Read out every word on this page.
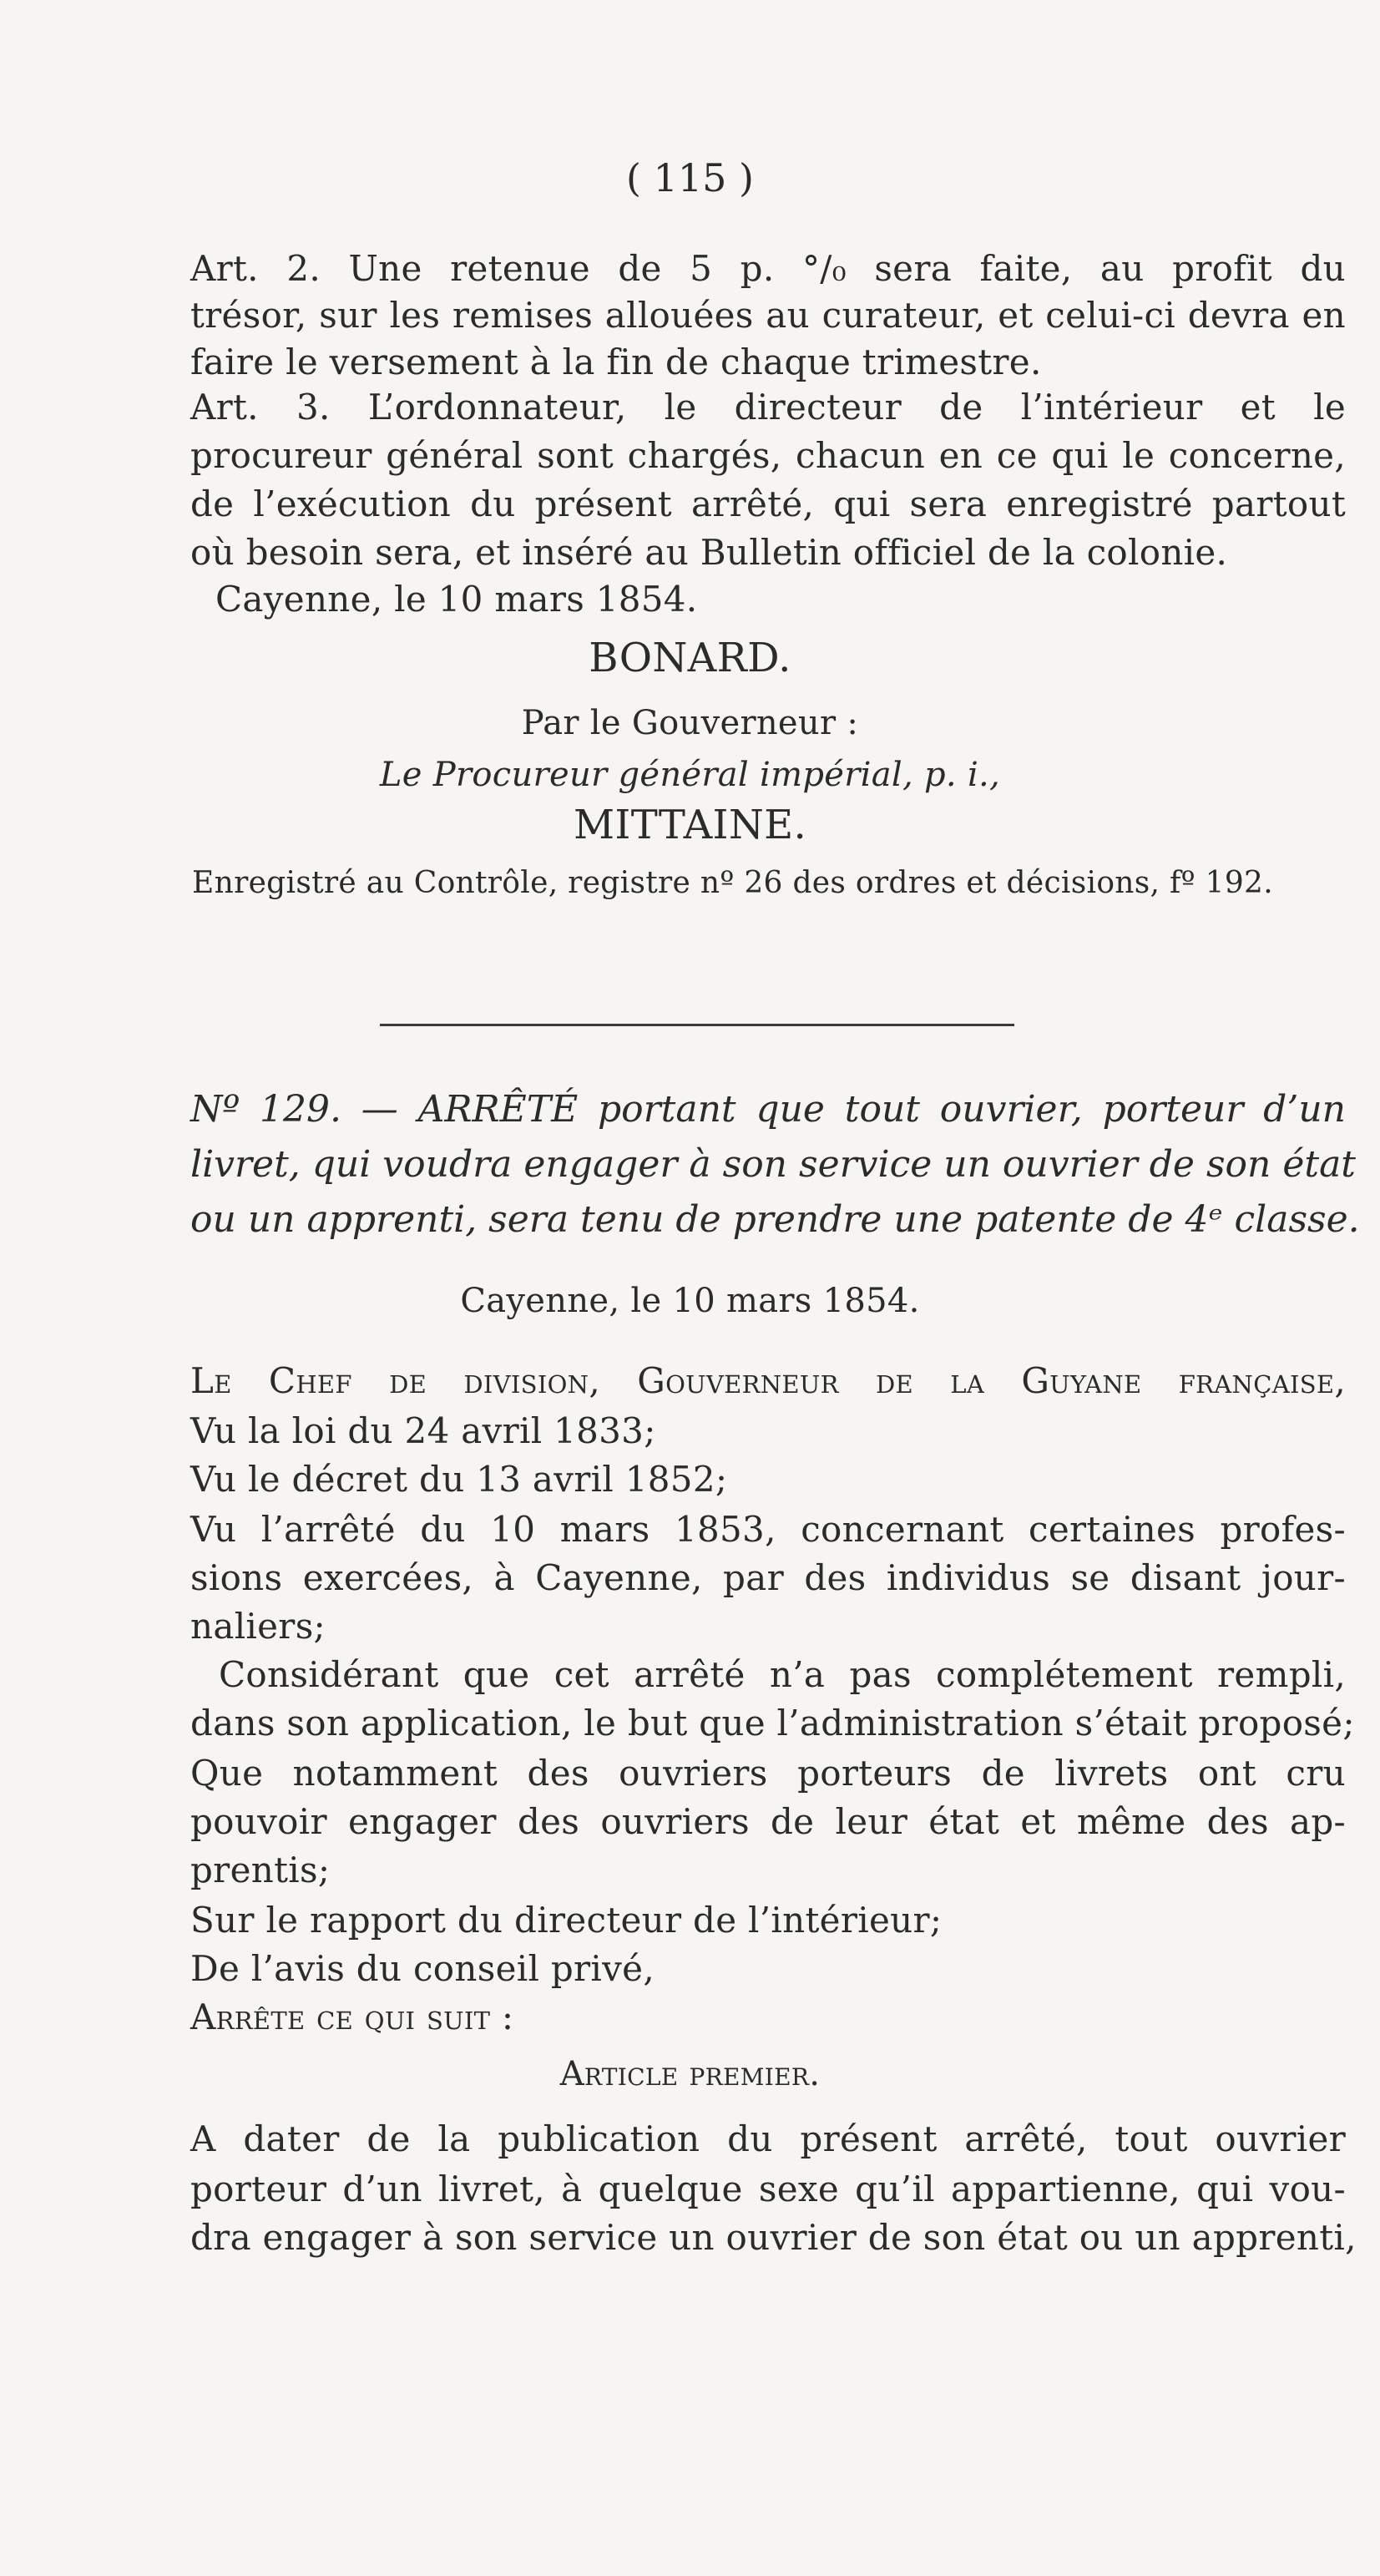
( 115 )

Art. 2. Une retenue de 5 p. °/₀ sera faite, au profit du

trésor, sur les remises allouées au curateur, et celui-ci devra en

faire le versement à la fin de chaque trimestre.

Art. 3. L’ordonnateur, le directeur de l’intérieur et le

procureur général sont chargés, chacun en ce qui le concerne,

de l’exécution du présent arrêté, qui sera enregistré partout

où besoin sera, et inséré au Bulletin officiel de la colonie.

Cayenne, le 10 mars 1854.

BONARD.

Par le Gouverneur :

Le Procureur général impérial, p. i.,

MITTAINE.

Enregistré au Contrôle, registre nº 26 des ordres et décisions, fº 192.

Nº 129. — ARRÊTÉ portant que tout ouvrier, porteur d’un

livret, qui voudra engager à son service un ouvrier de son état

ou un apprenti, sera tenu de prendre une patente de 4ᵉ classe.

Cayenne, le 10 mars 1854.

Le Chef de division, Gouverneur de la Guyane française,

Vu la loi du 24 avril 1833;

Vu le décret du 13 avril 1852;

Vu l’arrêté du 10 mars 1853, concernant certaines profes-

sions exercées, à Cayenne, par des individus se disant jour-

naliers;

Considérant que cet arrêté n’a pas complétement rempli,

dans son application, le but que l’administration s’était proposé;

Que notamment des ouvriers porteurs de livrets ont cru

pouvoir engager des ouvriers de leur état et même des ap-

prentis;

Sur le rapport du directeur de l’intérieur;

De l’avis du conseil privé,

Arrête ce qui suit :

Article premier.

A dater de la publication du présent arrêté, tout ouvrier

porteur d’un livret, à quelque sexe qu’il appartienne, qui vou-

dra engager à son service un ouvrier de son état ou un apprenti,
